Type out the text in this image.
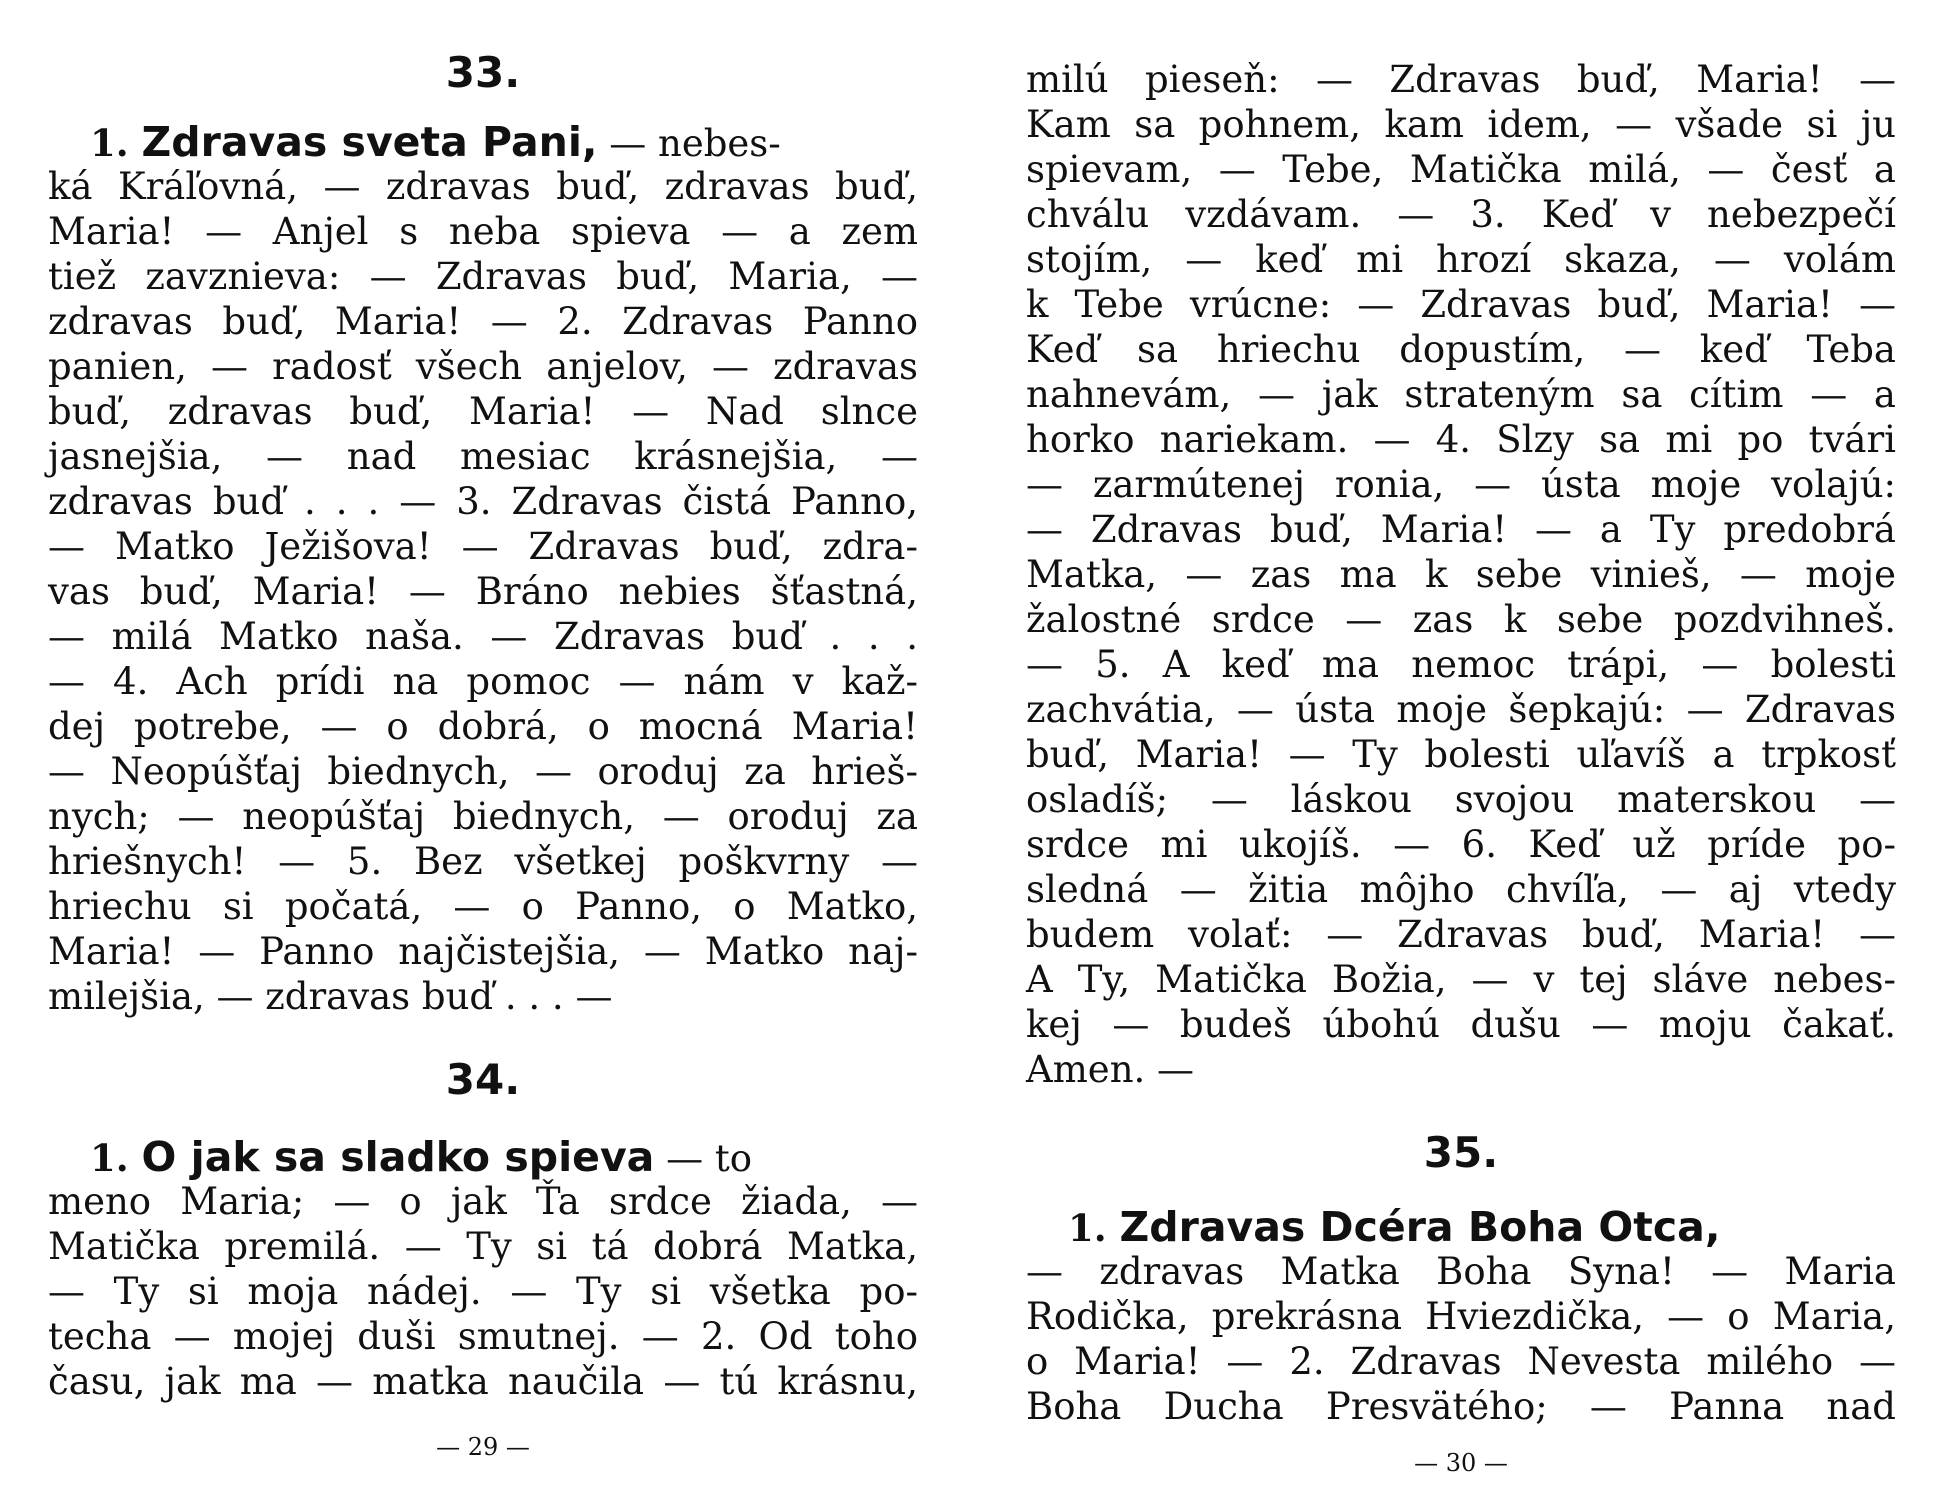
33.
1. Zdravas sveta Pani, — nebes-
ká Kráľovná, — zdravas buď, zdravas buď,
Maria! — Anjel s neba spieva — a zem
tiež zavznieva: — Zdravas buď, Maria, —
zdravas buď, Maria! — 2. Zdravas Panno
panien, — radosť všech anjelov, — zdravas
buď, zdravas buď, Maria! — Nad slnce
jasnejšia, — nad mesiac krásnejšia, —
zdravas buď . . . — 3. Zdravas čistá Panno,
— Matko Ježišova! — Zdravas buď, zdra-
vas buď, Maria! — Bráno nebies šťastná,
— milá Matko naša. — Zdravas buď . . .
— 4. Ach prídi na pomoc — nám v kaž-
dej potrebe, — o dobrá, o mocná Maria!
— Neopúšťaj biednych, — oroduj za hrieš-
nych; — neopúšťaj biednych, — oroduj za
hriešnych! — 5. Bez všetkej poškvrny —
hriechu si počatá, — o Panno, o Matko,
Maria! — Panno najčistejšia, — Matko naj-
milejšia, — zdravas buď . . . —
34.
1. O jak sa sladko spieva — to
meno Maria; — o jak Ťa srdce žiada, —
Matička premilá. — Ty si tá dobrá Matka,
— Ty si moja nádej. — Ty si všetka po-
techa — mojej duši smutnej. — 2. Od toho
času, jak ma — matka naučila — tú krásnu,
— 29 —
milú pieseň: — Zdravas buď, Maria! —
Kam sa pohnem, kam idem, — všade si ju
spievam, — Tebe, Matička milá, — česť a
chválu vzdávam. — 3. Keď v nebezpečí
stojím, — keď mi hrozí skaza, — volám
k Tebe vrúcne: — Zdravas buď, Maria! —
Keď sa hriechu dopustím, — keď Teba
nahnevám, — jak strateným sa cítim — a
horko nariekam. — 4. Slzy sa mi po tvári
— zarmútenej ronia, — ústa moje volajú:
— Zdravas buď, Maria! — a Ty predobrá
Matka, — zas ma k sebe vinieš, — moje
žalostné srdce — zas k sebe pozdvihneš.
— 5. A keď ma nemoc trápi, — bolesti
zachvátia, — ústa moje šepkajú: — Zdravas
buď, Maria! — Ty bolesti uľavíš a trpkosť
osladíš; — láskou svojou materskou —
srdce mi ukojíš. — 6. Keď už príde po-
sledná — žitia môjho chvíľa, — aj vtedy
budem volať: — Zdravas buď, Maria! —
A Ty, Matička Božia, — v tej sláve nebes-
kej — budeš úbohú dušu — moju čakať.
Amen. —
35.
1. Zdravas Dcéra Boha Otca,
— zdravas Matka Boha Syna! — Maria
Rodička, prekrásna Hviezdička, — o Maria,
o Maria! — 2. Zdravas Nevesta milého —
Boha Ducha Presvätého; — Panna nad
— 30 —
